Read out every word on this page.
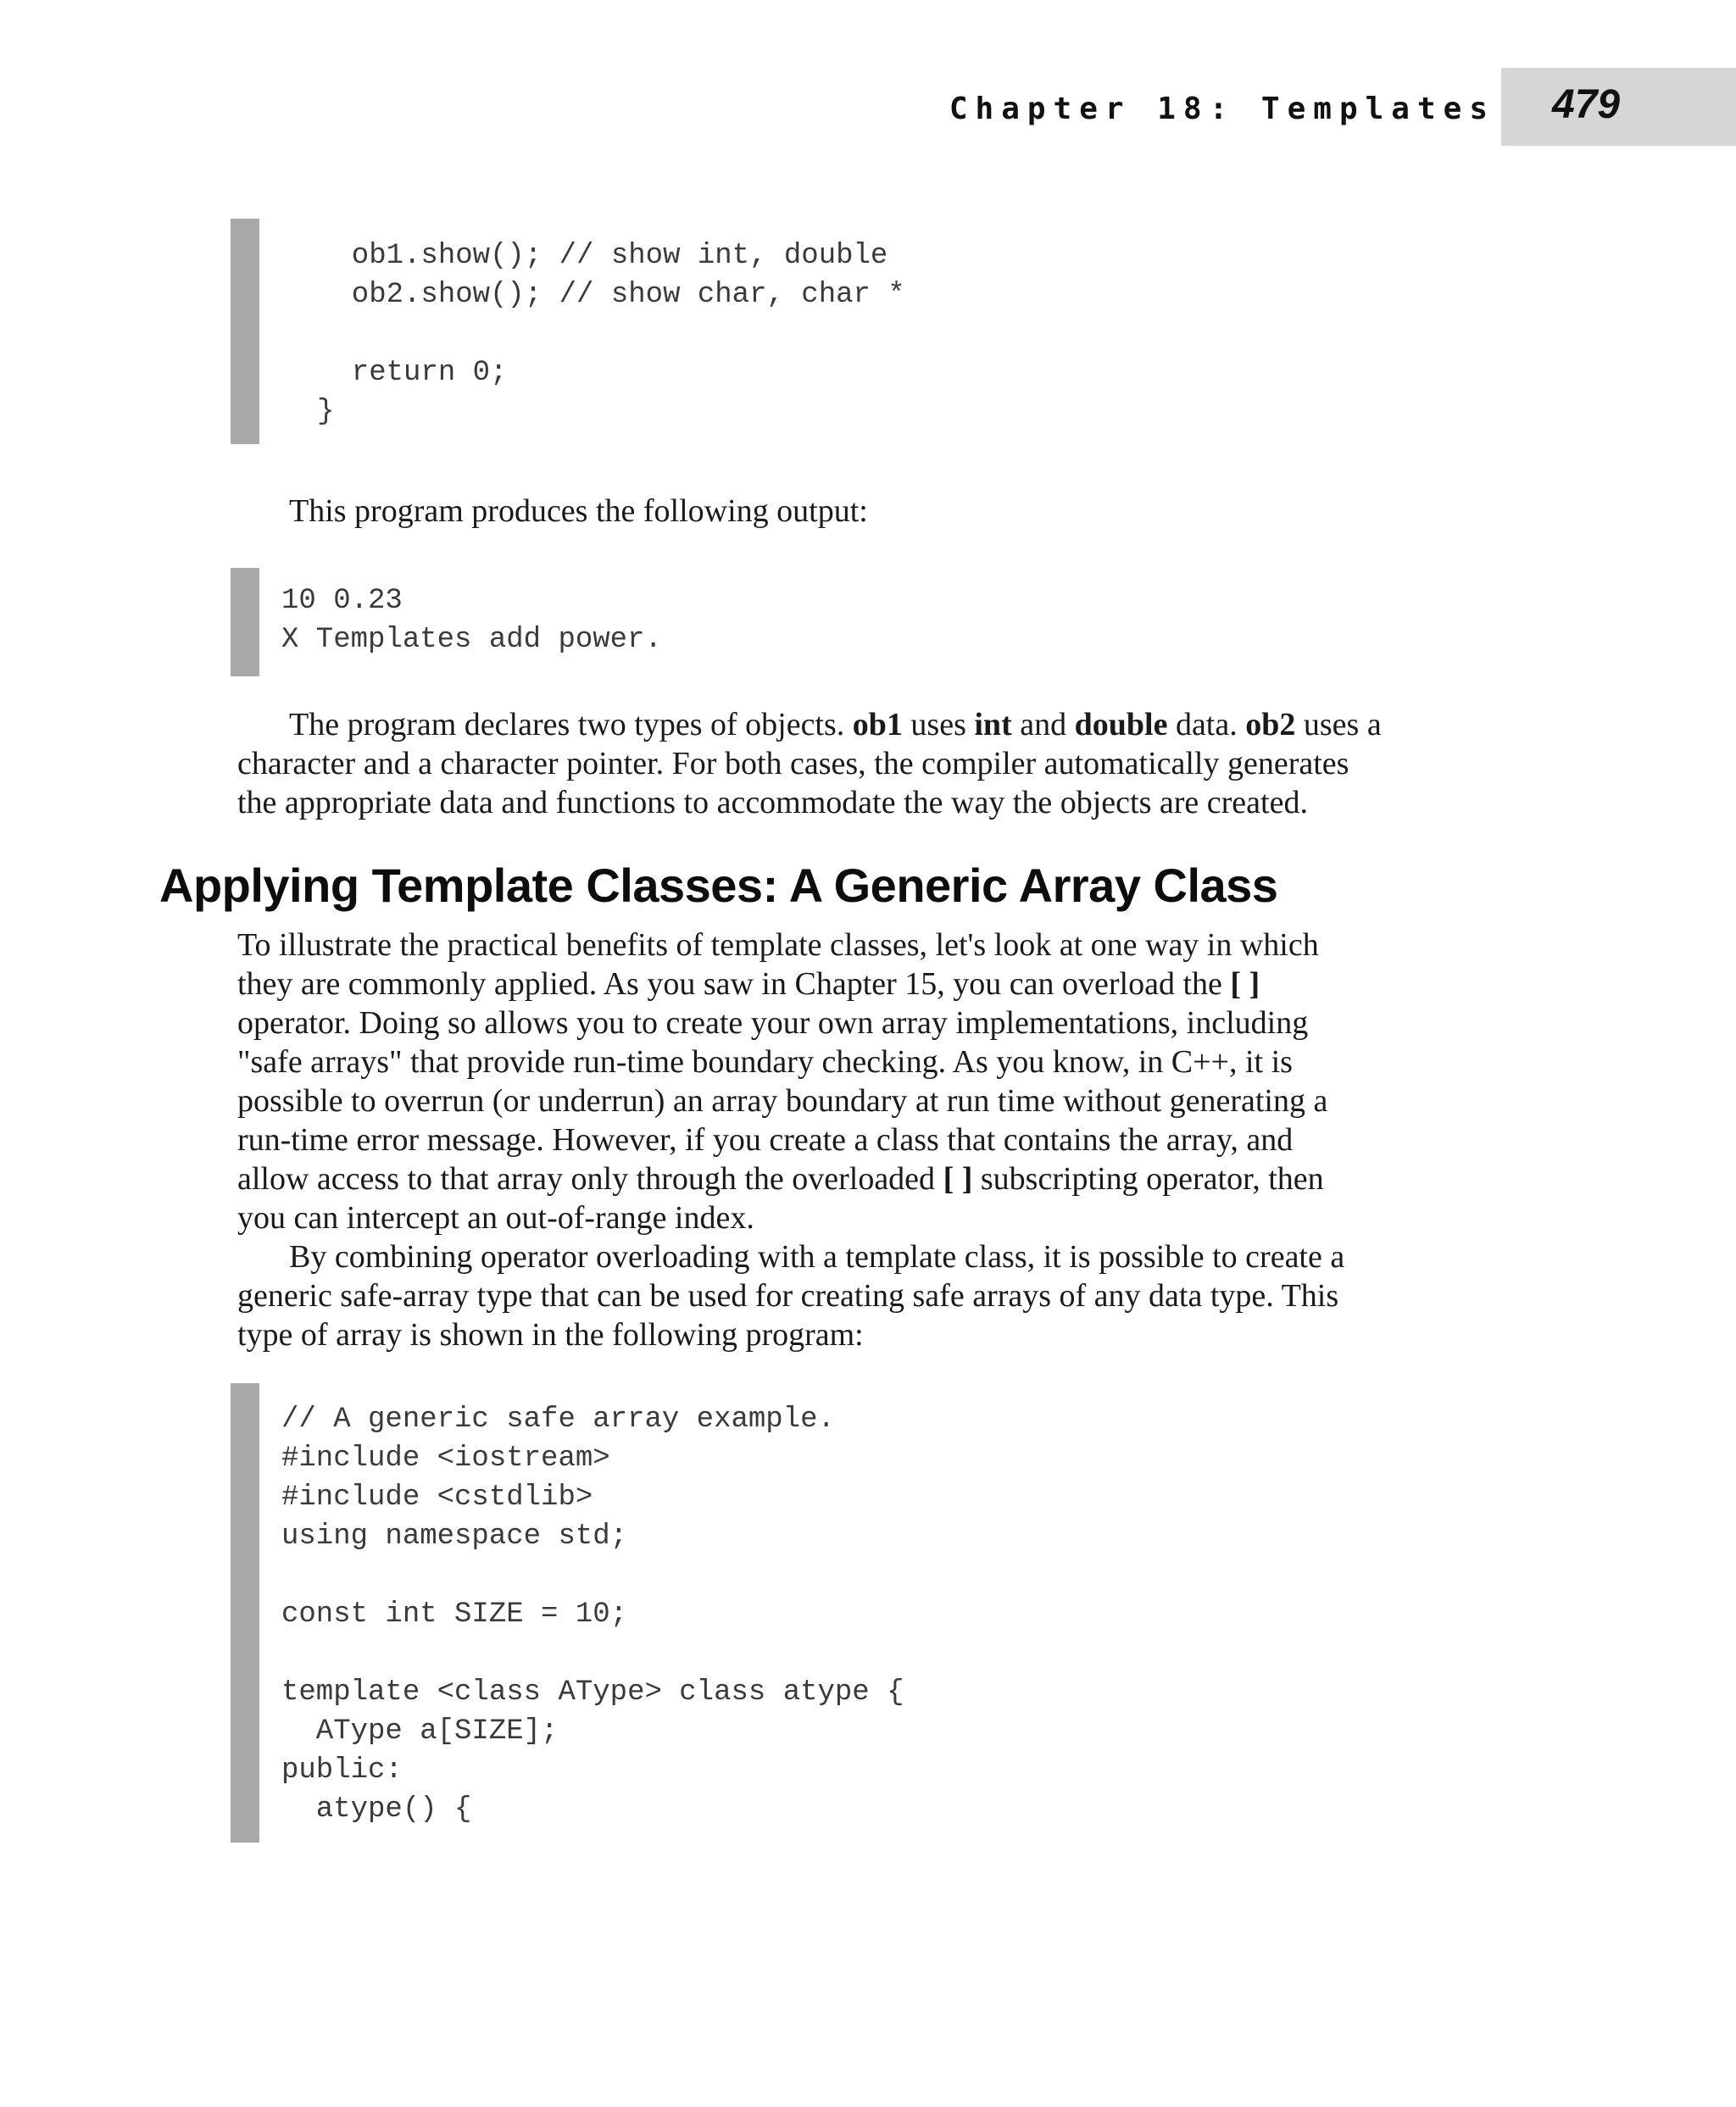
Chapter 18: Templates 479
ob1.show(); // show int, double
ob2.show(); // show char, char *
return 0;
}
This program produces the following output:
10 0.23
X Templates add power.
The program declares two types of objects. ob1 uses int and double data. ob2 uses a
character and a character pointer. For both cases, the compiler automatically generates
the appropriate data and functions to accommodate the way the objects are created.
Applying Template Classes: A Generic Array Class
To illustrate the practical benefits of template classes, let's look at one way in which
they are commonly applied. As you saw in Chapter 15, you can overload the [ ]
operator. Doing so allows you to create your own array implementations, including
"safe arrays" that provide run-time boundary checking. As you know, in C++, it is
possible to overrun (or underrun) an array boundary at run time without generating a
run-time error message. However, if you create a class that contains the array, and
allow access to that array only through the overloaded [ ] subscripting operator, then
you can intercept an out-of-range index.
By combining operator overloading with a template class, it is possible to create a
generic safe-array type that can be used for creating safe arrays of any data type. This
type of array is shown in the following program:
// A generic safe array example.
#include <iostream>
#include <cstdlib>
using namespace std;
const int SIZE = 10;
template <class AType> class atype {
AType a[SIZE];
public:
atype() {
